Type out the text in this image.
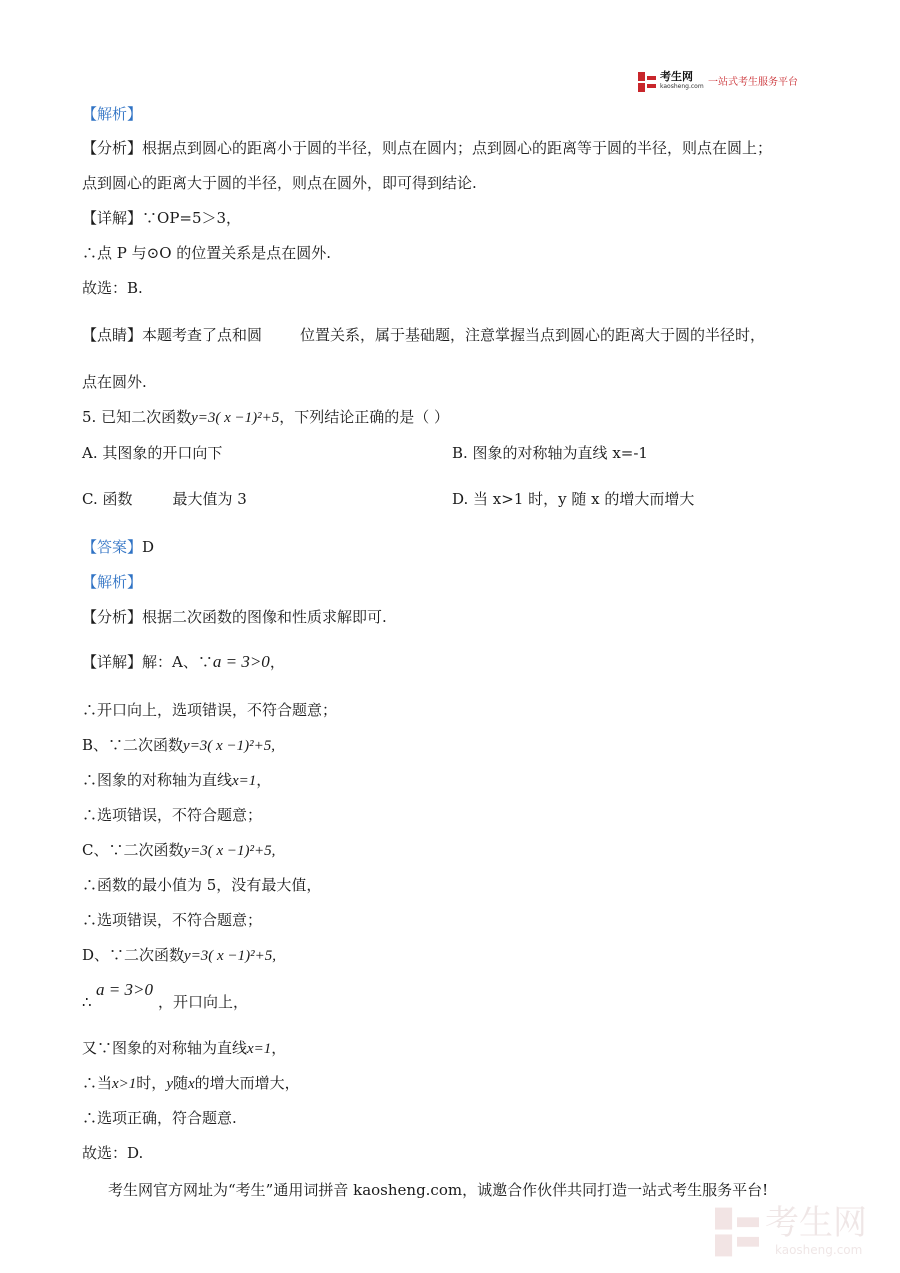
考生网
kaosheng.com 一站式考生服务平台
【解析】
【分析】根据点到圆心的距离小于圆的半径，则点在圆内；点到圆心的距离等于圆的半径，则点在圆上；
点到圆心的距离大于圆的半径，则点在圆外，即可得到结论.
【详解】∵OP=5＞3，
∴点 P 与⊙O 的位置关系是点在圆外.
故选：B.
【点睛】本题考查了点和圆	位置关系，属于基础题，注意掌握当点到圆心的距离大于圆的半径时，
点在圆外.
5. 已知二次函数y=3( x −1)²+5，下列结论正确的是（ ）
A. 其图象的开口向下	B. 图象的对称轴为直线 x=-1
C. 函数	最大值为 3	D. 当 x>1 时，y 随 x 的增大而增大
【答案】D
【解析】
【分析】根据二次函数的图像和性质求解即可.
【详解】解：A、∵a = 3>0，
∴开口向上，选项错误，不符合题意；
B、∵二次函数y=3( x −1)²+5,
∴图象的对称轴为直线x=1，
∴选项错误，不符合题意；
C、∵二次函数y=3( x −1)²+5,
∴函数的最小值为 5，没有最大值，
∴选项错误，不符合题意；
D、∵二次函数y=3( x −1)²+5,
∴
a = 3>0
，开口向上，
又∵图象的对称轴为直线x=1，
∴当x>1时，y随x的增大而增大，
∴选项正确，符合题意.
故选：D.
考生网官方网址为“考生”通用词拼音 kaosheng.com，诚邀合作伙伴共同打造一站式考生服务平台!
考生网
kaosheng.com
